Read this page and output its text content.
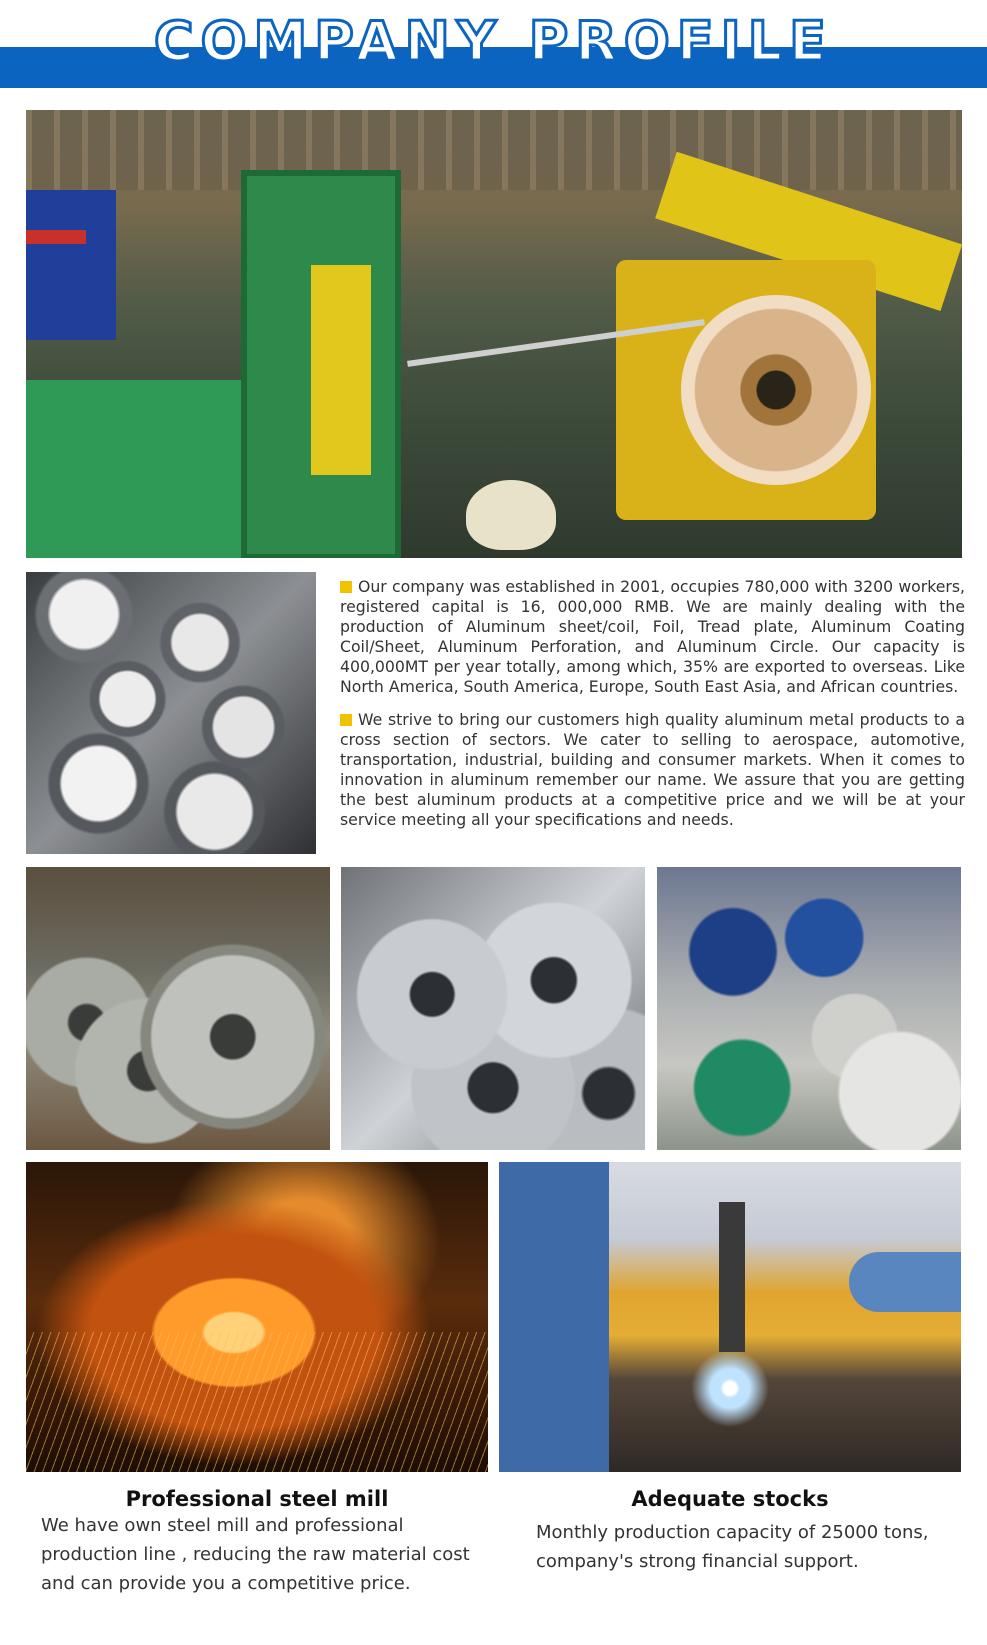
COMPANY PROFILE

Our company was established in 2001, occupies 780,000 with 3200 workers, registered capital is 16, 000,000 RMB. We are mainly dealing with the production of Aluminum sheet/coil, Foil, Tread plate, Aluminum Coating Coil/Sheet, Aluminum Perforation, and Aluminum Circle. Our capacity is 400,000MT per year totally, among which, 35% are exported to overseas. Like North America, South America, Europe, South East Asia, and African countries.

We strive to bring our customers high quality aluminum metal products to a cross section of sectors. We cater to selling to aerospace, automotive, transportation, industrial, building and consumer markets. When it comes to innovation in aluminum remember our name. We assure that you are getting the best aluminum products at a competitive price and we will be at your service meeting all your specifications and needs.

Professional steel mill
We have own steel mill and professional production line , reducing the raw material cost and can provide you a competitive price.
Adequate stocks
Monthly production capacity of 25000 tons, company's strong financial support.
